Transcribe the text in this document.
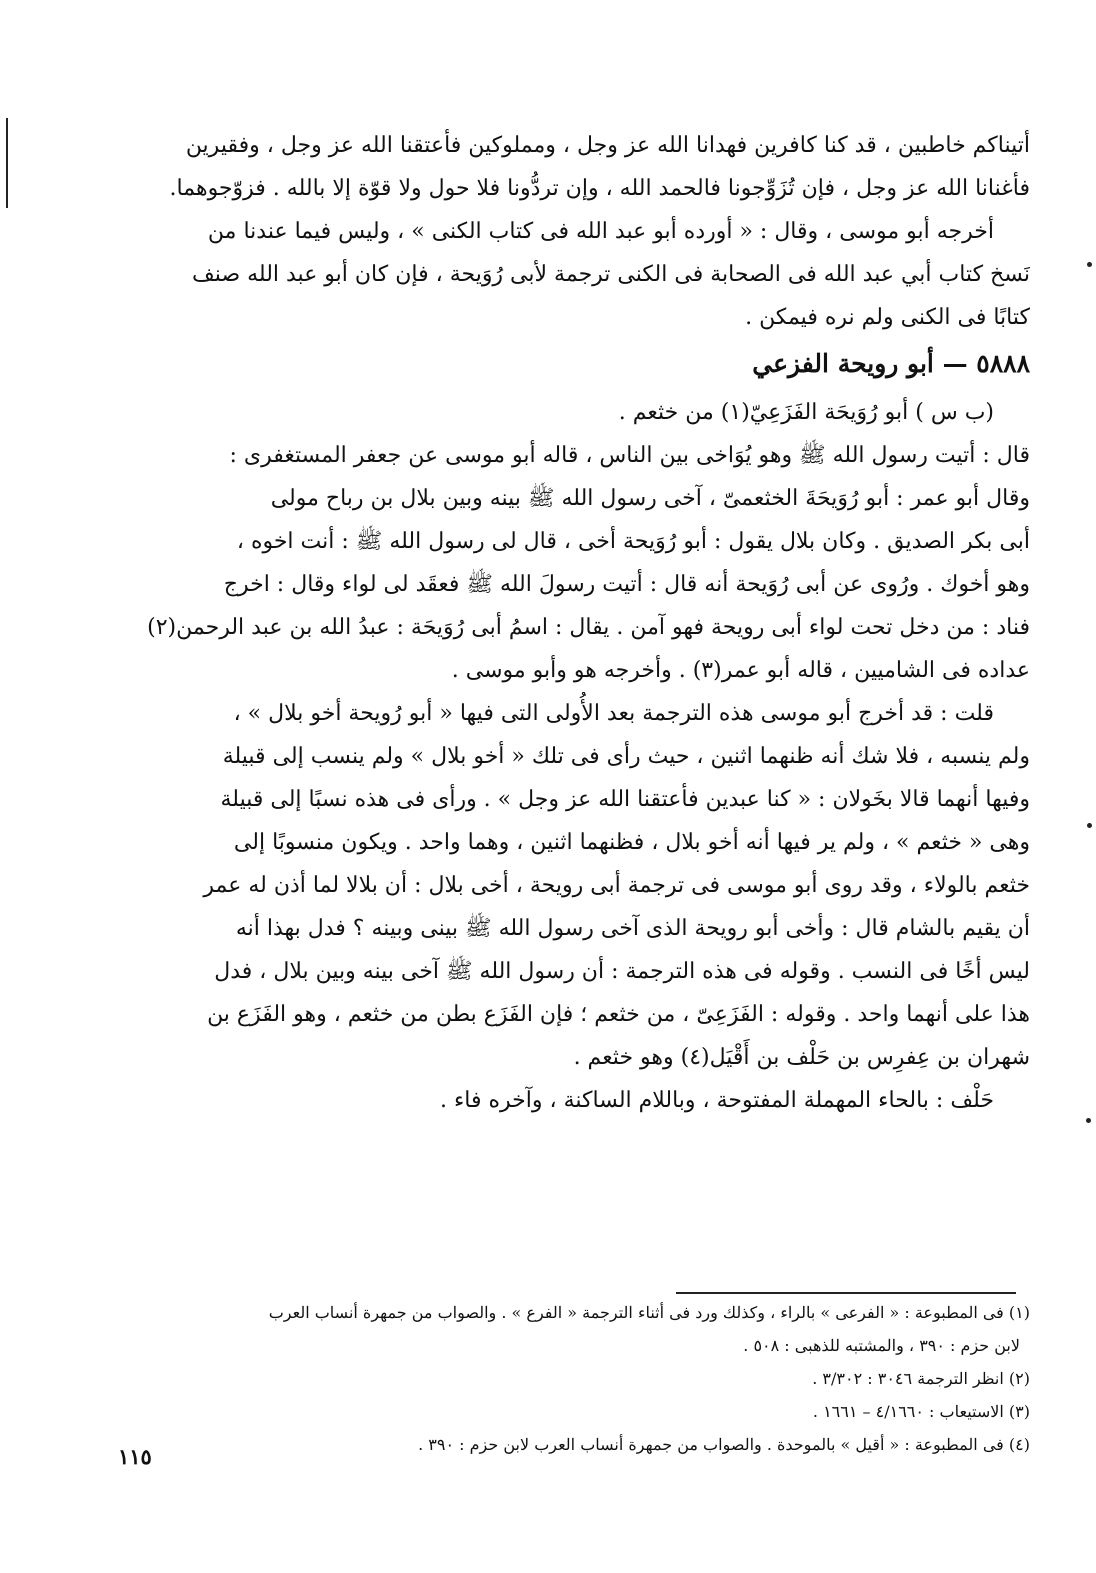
أتيناكم خاطبين ، قد كنا كافرين فهدانا الله عز وجل ، ومملوكين فأعتقنا الله عز وجل ، وفقيرين
فأغنانا الله عز وجل ، فإن تُزَوِّجونا فالحمد الله ، وإن تردُّونا فلا حول ولا قوّة إلا بالله . فزوّجوهما.
أخرجه أبو موسى ، وقال : « أورده أبو عبد الله فى كتاب الكنى » ، وليس فيما عندنا من
نَسخ كتاب أبي عبد الله فى الصحابة فى الكنى ترجمة لأبى رُوَيحة ، فإن كان أبو عبد الله صنف
كتابًا فى الكنى ولم نره فيمكن .
٥٨٨٨ — أبو رويحة الفزعي
(ب س ) أبو رُوَيحَة الفَزَعِيّ(١) من خثعم .
قال : أتيت رسول الله ﷺ وهو يُوَاخى بين الناس ، قاله أبو موسى عن جعفر المستغفرى :
وقال أبو عمر : أبو رُوَيحَةَ الخثعمىّ ، آخى رسول الله ﷺ بينه وبين بلال بن رباح مولى
أبى بكر الصديق . وكان بلال يقول : أبو رُوَيحة أخى ، قال لى رسول الله ﷺ : أنت اخوه ،
وهو أخوك . ورُوى عن أبى رُوَيحة أنه قال : أتيت رسولَ الله ﷺ فعقَد لى لواء وقال : اخرج
فناد : من دخل تحت لواء أبى رويحة فهو آمن . يقال : اسمُ أبى رُوَيحَة : عبدُ الله بن عبد الرحمن(٢)
عداده فى الشاميين ، قاله أبو عمر(٣) . وأخرجه هو وأبو موسى .
قلت : قد أخرج أبو موسى هذه الترجمة بعد الأُولى التى فيها « أبو رُويحة أخو بلال » ،
ولم ينسبه ، فلا شك أنه ظنهما اثنين ، حيث رأى فى تلك « أخو بلال » ولم ينسب إلى قبيلة
وفيها أنهما قالا بخَولان : « كنا عبدين فأعتقنا الله عز وجل » . ورأى فى هذه نسبًا إلى قبيلة
وهى « خثعم » ، ولم ير فيها أنه أخو بلال ، فظنهما اثنين ، وهما واحد . ويكون منسوبًا إلى
خثعم بالولاء ، وقد روى أبو موسى فى ترجمة أبى رويحة ، أخى بلال : أن بلالا لما أذن له عمر
أن يقيم بالشام قال : وأخى أبو رويحة الذى آخى رسول الله ﷺ بينى وبينه ؟ فدل بهذا أنه
ليس أخًا فى النسب . وقوله فى هذه الترجمة : أن رسول الله ﷺ آخى بينه وبين بلال ، فدل
هذا على أنهما واحد . وقوله : الفَزَعِىّ ، من خثعم ؛ فإن الفَزَع بطن من خثعم ، وهو الفَزَع بن
شهران بن عِفرِس بن حَلْف بن أَقْيَل(٤) وهو خثعم .
حَلْف : بالحاء المهملة المفتوحة ، وباللام الساكنة ، وآخره فاء .
(١) فى المطبوعة : « الفرعى » بالراء ، وكذلك ورد فى أثناء الترجمة « الفرع » . والصواب من جمهرة أنساب العرب
لابن حزم : ٣٩٠ ، والمشتبه للذهبى : ٥٠٨ .
(٢) انظر الترجمة ٣٠٤٦ : ٣/٣٠٢ .
(٣) الاستيعاب : ٤/١٦٦٠ – ١٦٦١ .
(٤) فى المطبوعة : « أقيل » بالموحدة . والصواب من جمهرة أنساب العرب لابن حزم : ٣٩٠ .
١١٥
